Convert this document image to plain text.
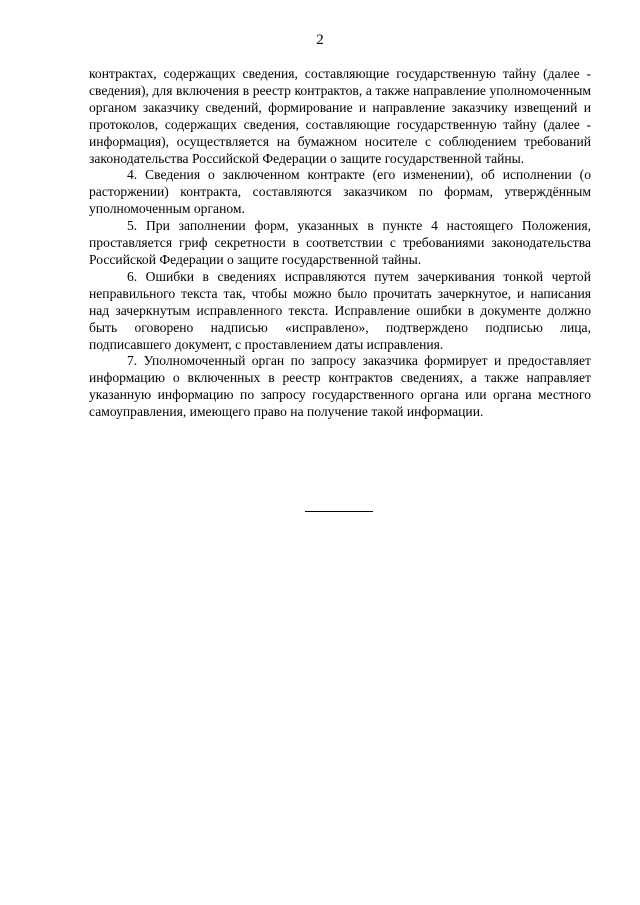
2

контрактах, содержащих сведения, составляющие государственную тайну (далее - сведения), для включения в реестр контрактов, а также направление уполномоченным органом заказчику сведений, формирование и направление заказчику извещений и протоколов, содержащих сведения, составляющие государственную тайну (далее - информация), осуществляется на бумажном носителе с соблюдением требований законодательства Российской Федерации о защите государственной тайны.

4. Сведения о заключенном контракте (его изменении), об исполнении (о расторжении) контракта, составляются заказчиком по формам, утверждённым уполномоченным органом.

5. При заполнении форм, указанных в пункте 4 настоящего Положения, проставляется гриф секретности в соответствии с требованиями законодательства Российской Федерации о защите государственной тайны.

6. Ошибки в сведениях исправляются путем зачеркивания тонкой чертой неправильного текста так, чтобы можно было прочитать зачеркнутое, и написания над зачеркнутым исправленного текста. Исправление ошибки в документе должно быть оговорено надписью «исправлено», подтверждено подписью лица, подписавшего документ, с проставлением даты исправления.

7. Уполномоченный орган по запросу заказчика формирует и предоставляет информацию о включенных в реестр контрактов сведениях, а также направляет указанную информацию по запросу государственного органа или органа местного самоуправления, имеющего право на получение такой информации.
